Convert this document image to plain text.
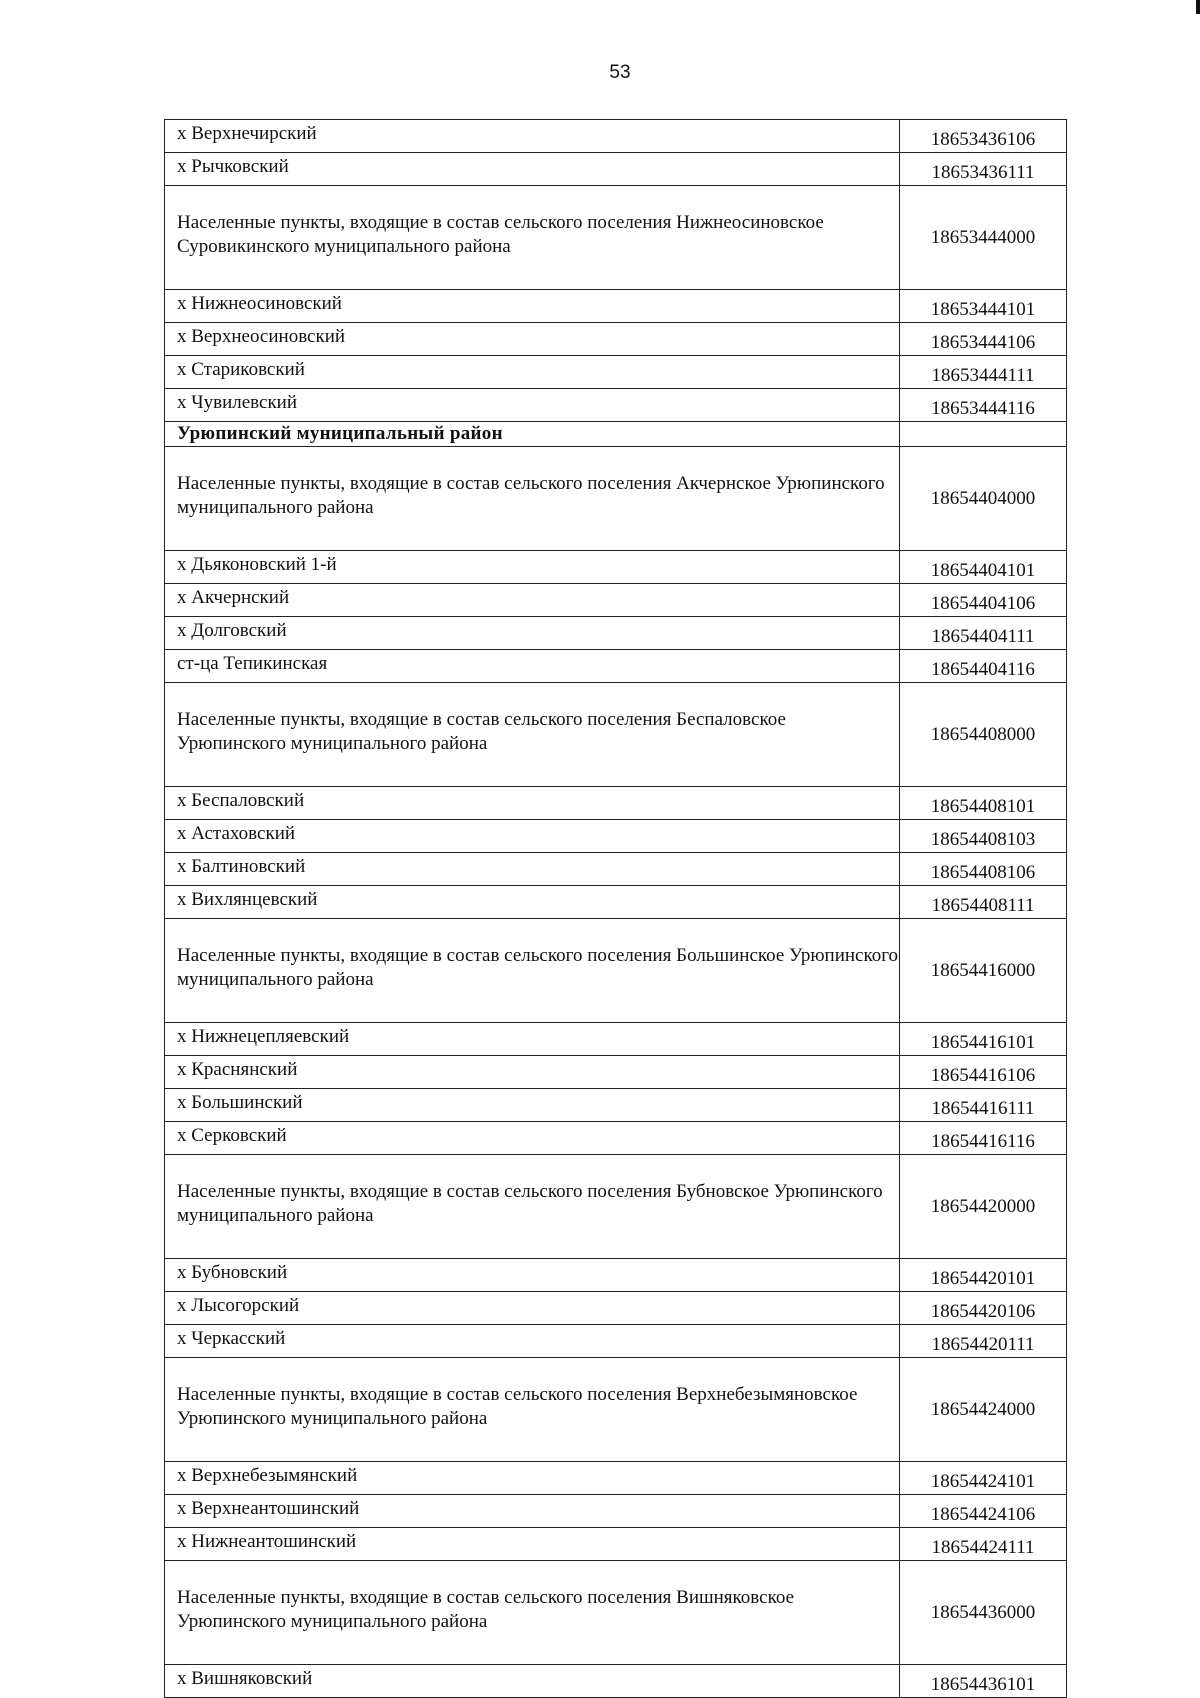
53
х Верхнечирский	18653436106
х Рычковский	18653436111
Населенные пункты, входящие в состав сельского поселения Нижнеосиновское Суровикинского муниципального района	18653444000
х Нижнеосиновский	18653444101
х Верхнеосиновский	18653444106
х Стариковский	18653444111
х Чувилевский	18653444116
Урюпинский муниципальный район	
Населенные пункты, входящие в состав сельского поселения Акчернское Урюпинского муниципального района	18654404000
х Дьяконовский 1-й	18654404101
х Акчернский	18654404106
х Долговский	18654404111
ст-ца Тепикинская	18654404116
Населенные пункты, входящие в состав сельского поселения Беспаловское Урюпинского муниципального района	18654408000
х Беспаловский	18654408101
х Астаховский	18654408103
х Балтиновский	18654408106
х Вихлянцевский	18654408111
Населенные пункты, входящие в состав сельского поселения Большинское Урюпинского муниципального района	18654416000
х Нижнецепляевский	18654416101
х Краснянский	18654416106
х Большинский	18654416111
х Серковский	18654416116
Населенные пункты, входящие в состав сельского поселения Бубновское Урюпинского муниципального района	18654420000
х Бубновский	18654420101
х Лысогорский	18654420106
х Черкасский	18654420111
Населенные пункты, входящие в состав сельского поселения Верхнебезымяновское Урюпинского муниципального района	18654424000
х Верхнебезымянский	18654424101
х Верхнеантошинский	18654424106
х Нижнеантошинский	18654424111
Населенные пункты, входящие в состав сельского поселения Вишняковское Урюпинского муниципального района	18654436000
х Вишняковский	18654436101
